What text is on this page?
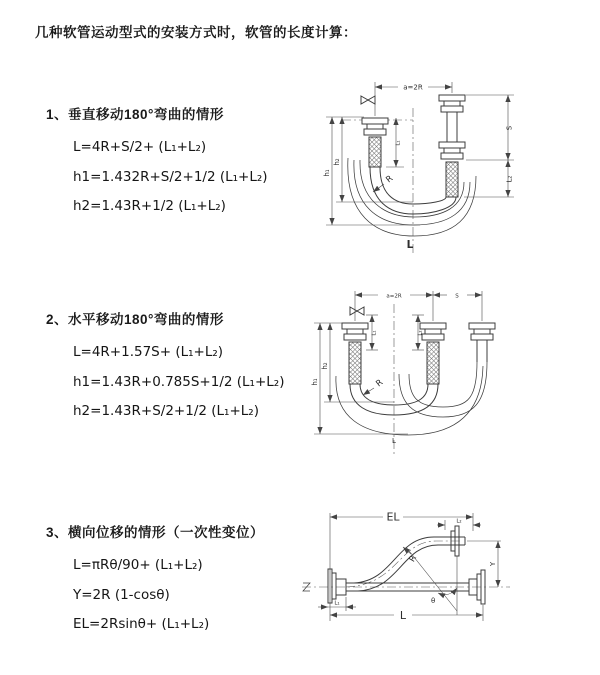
几种软管运动型式的安装方式时，软管的长度计算：
1、垂直移动180°弯曲的情形
L=4R+S/2+ (L₁+L₂)
h1=1.432R+S/2+1/2 (L₁+L₂)
h2=1.43R+1/2 (L₁+L₂)
a=2R
h₁
h₂
S
L₂
L₁
R
L
2、水平移动180°弯曲的情形
L=4R+1.57S+ (L₁+L₂)
h1=1.43R+0.785S+1/2 (L₁+L₂)
h2=1.43R+S/2+1/2 (L₁+L₂)
a=2R	S
h₁
h₂
L₁	L₂
R
L
3、横向位移的情形（一次性变位）
L=πRθ/90+ (L₁+L₂)
Y=2R (1-cosθ)
EL=2Rsinθ+ (L₁+L₂)
θ
R
EL	L₂
Y
L
L₁
